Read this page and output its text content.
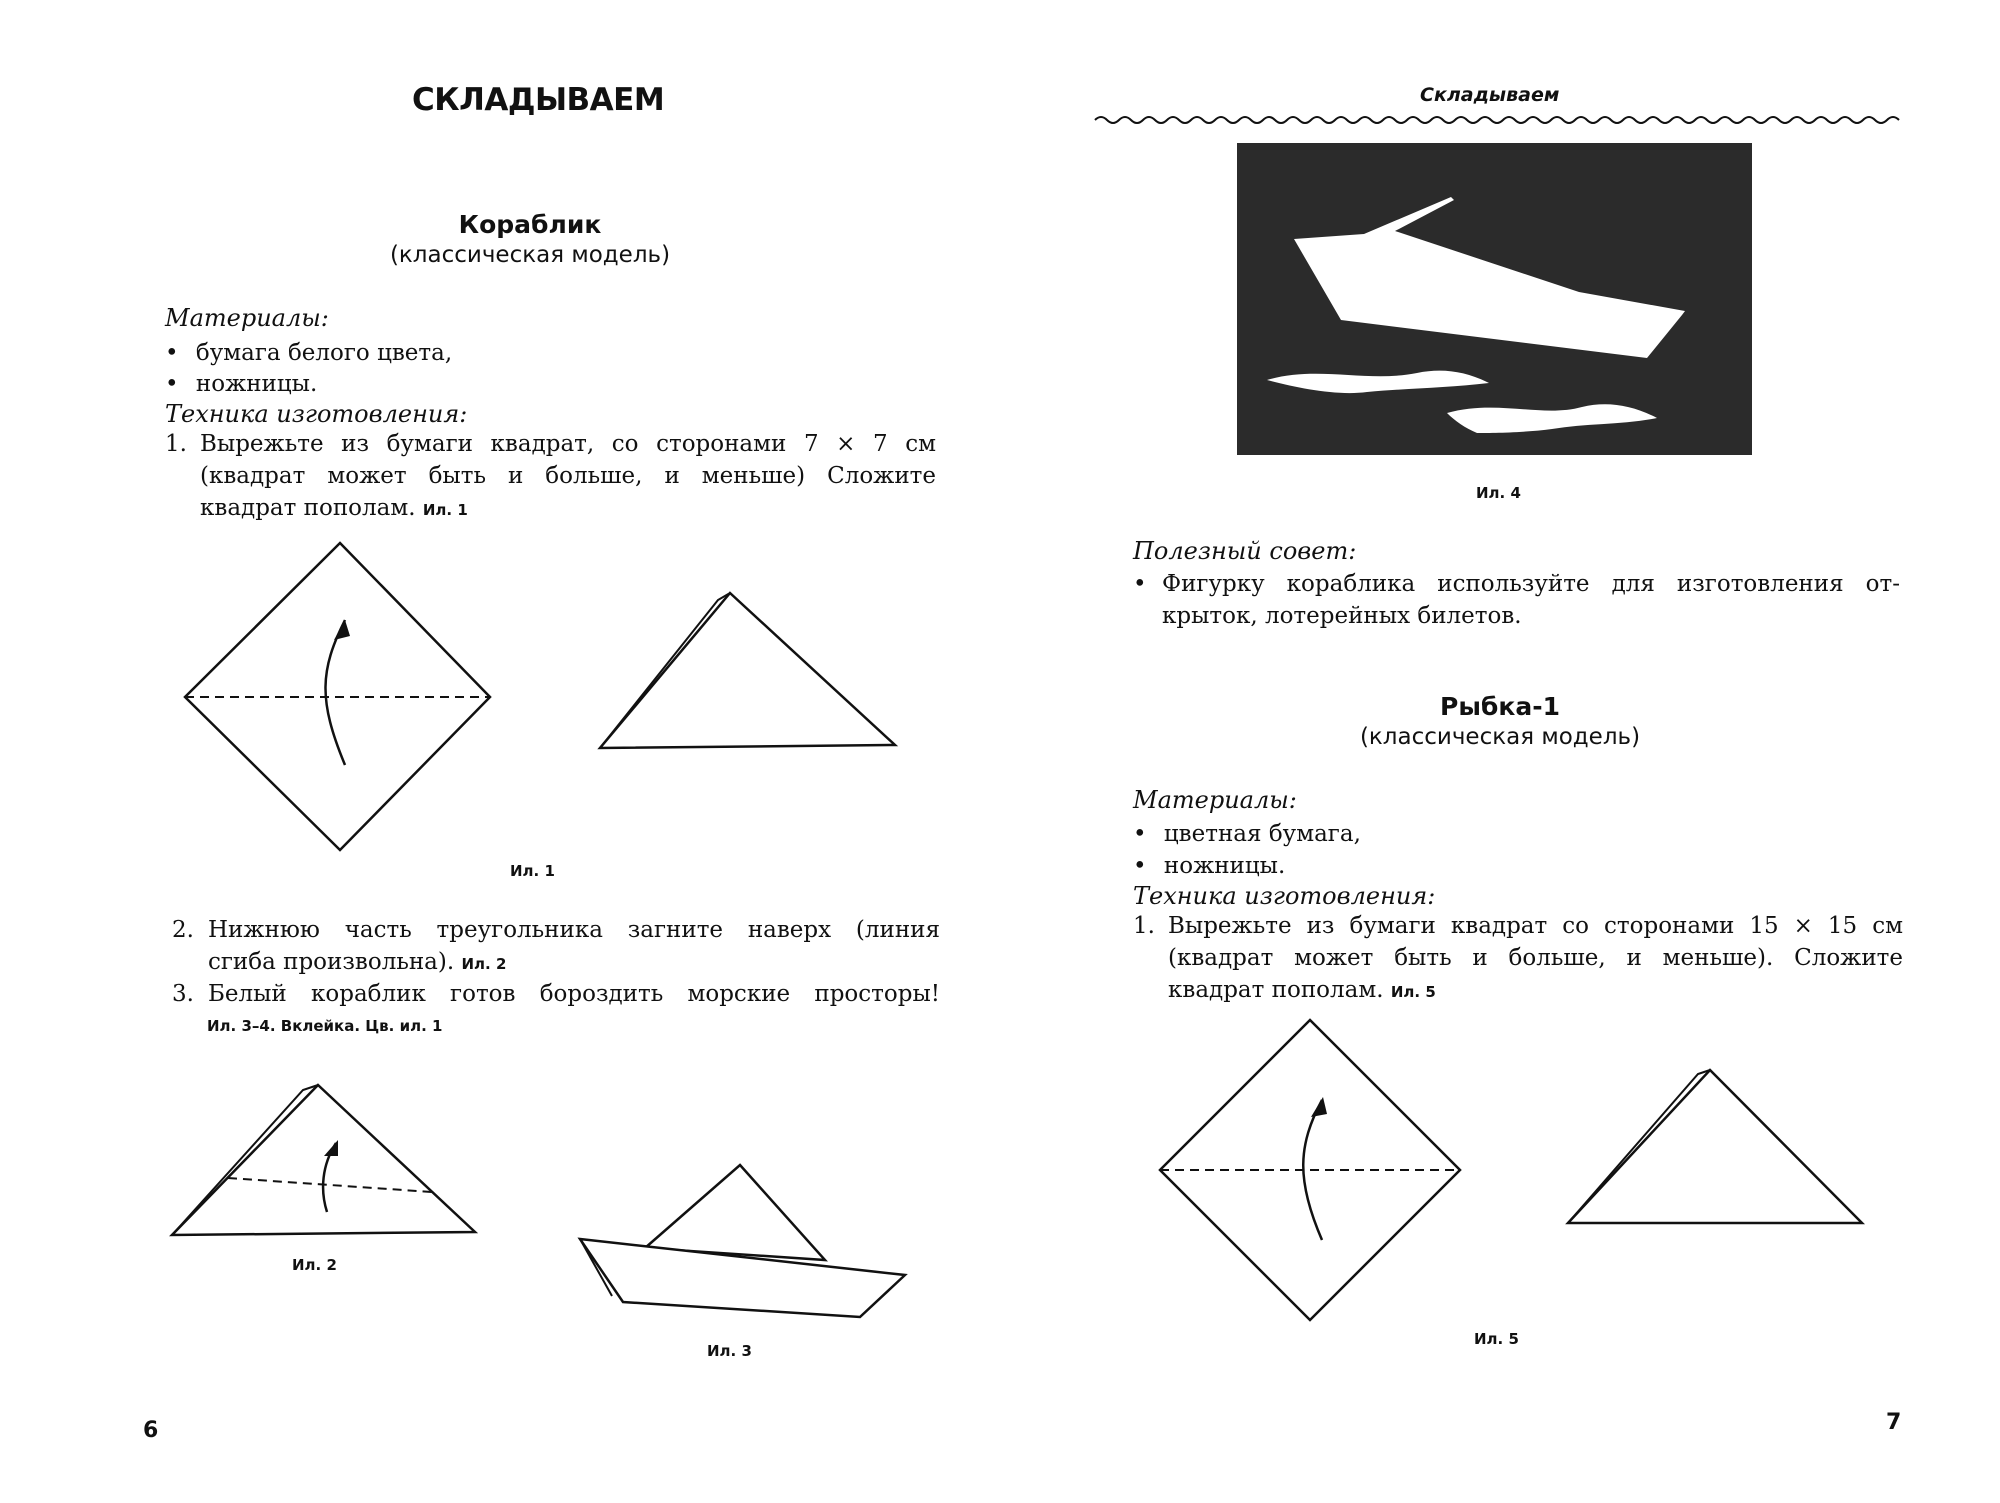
СКЛАДЫВАЕМ
Кораблик
(классическая модель)
Материалы:
• бумага белого цвета,
• ножницы.
Техника изготовления:
1. Вырежьте из бумаги квадрат, со сторонами 7 × 7 см
(квадрат может быть и больше, и меньше) Сложите
квадрат пополам. Ил. 1
Ил. 1
2. Нижнюю часть треугольника загните наверх (линия
сгиба произвольна). Ил. 2
3. Белый кораблик готов бороздить морские просторы!
Ил. 3–4. Вклейка. Цв. ил. 1
Ил. 2
Ил. 3
6
Складываем
Ил. 4
Полезный совет:
• Фигурку кораблика используйте для изготовления от-
крыток, лотерейных билетов.
Рыбка-1
(классическая модель)
Материалы:
• цветная бумага,
• ножницы.
Техника изготовления:
1. Вырежьте из бумаги квадрат со сторонами 15 × 15 см
(квадрат может быть и больше, и меньше). Сложите
квадрат пополам. Ил. 5
Ил. 5
7
